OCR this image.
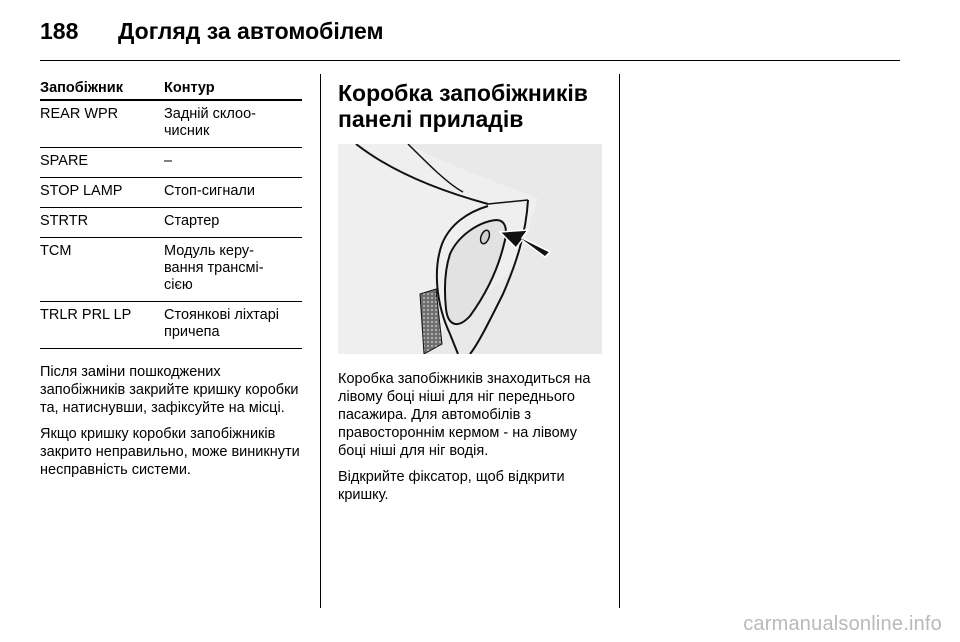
188 Догляд за автомобілем
Запобіжник	Контур
REAR WPR	Задній склоо-
чисник
SPARE	–
STOP LAMP	Стоп-сигнали
STRTR	Стартер
TCM	Модуль керу-
вання трансмі-
сією
TRLR PRL LP	Стоянкові ліхтарі
причепа

Після заміни пошкоджених запобіжників закрийте кришку коробки та, натиснувши, зафіксуйте на місці.

Якщо кришку коробки запобіжників закрито неправильно, може виникнути несправність системи.

Коробка запобіжників панелі приладів

Коробка запобіжників знаходиться на лівому боці ніші для ніг переднього пасажира. Для автомобілів з правостороннім кермом - на лівому боці ніші для ніг водія.

Відкрийте фіксатор, щоб відкрити кришку.

carmanualsonline.info
